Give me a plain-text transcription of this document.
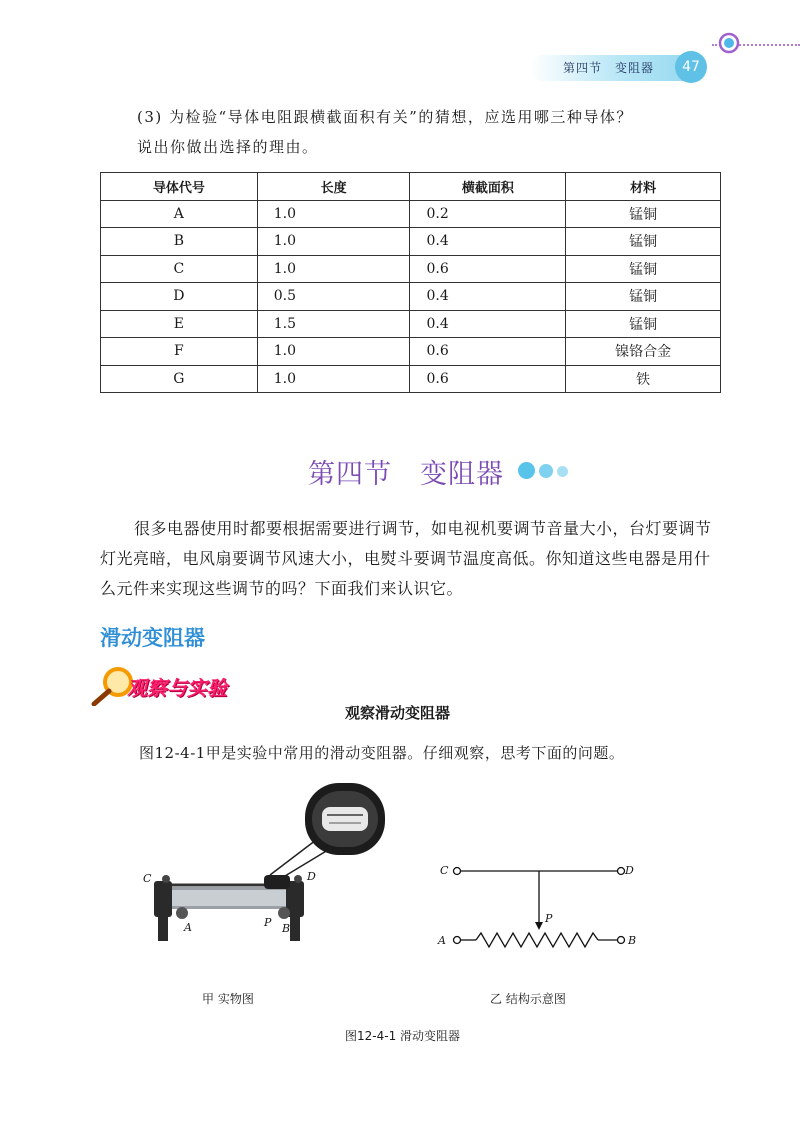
第四节　变阻器	47
(3) 为检验“导体电阻跟横截面积有关”的猜想，应选用哪三种导体？
说出你做出选择的理由。
导体代号	长度	横截面积	材料
A	1.0	0.2	锰铜
B	1.0	0.4	锰铜
C	1.0	0.6	锰铜
D	0.5	0.4	锰铜
E	1.5	0.4	锰铜
F	1.0	0.6	镍铬合金
G	1.0	0.6	铁
第四节　变阻器
很多电器使用时都要根据需要进行调节，如电视机要调节音量大小，台灯要调节灯光亮暗，电风扇要调节风速大小，电熨斗要调节温度高低。你知道这些电器是用什么元件来实现这些调节的吗？下面我们来认识它。
滑动变阻器
观察与实验
观察滑动变阻器
图12-4-1甲是实验中常用的滑动变阻器。仔细观察，思考下面的问题。
C	D
A	P B
C	D
P
A	B
甲 实物图	乙 结构示意图
图12-4-1 滑动变阻器
